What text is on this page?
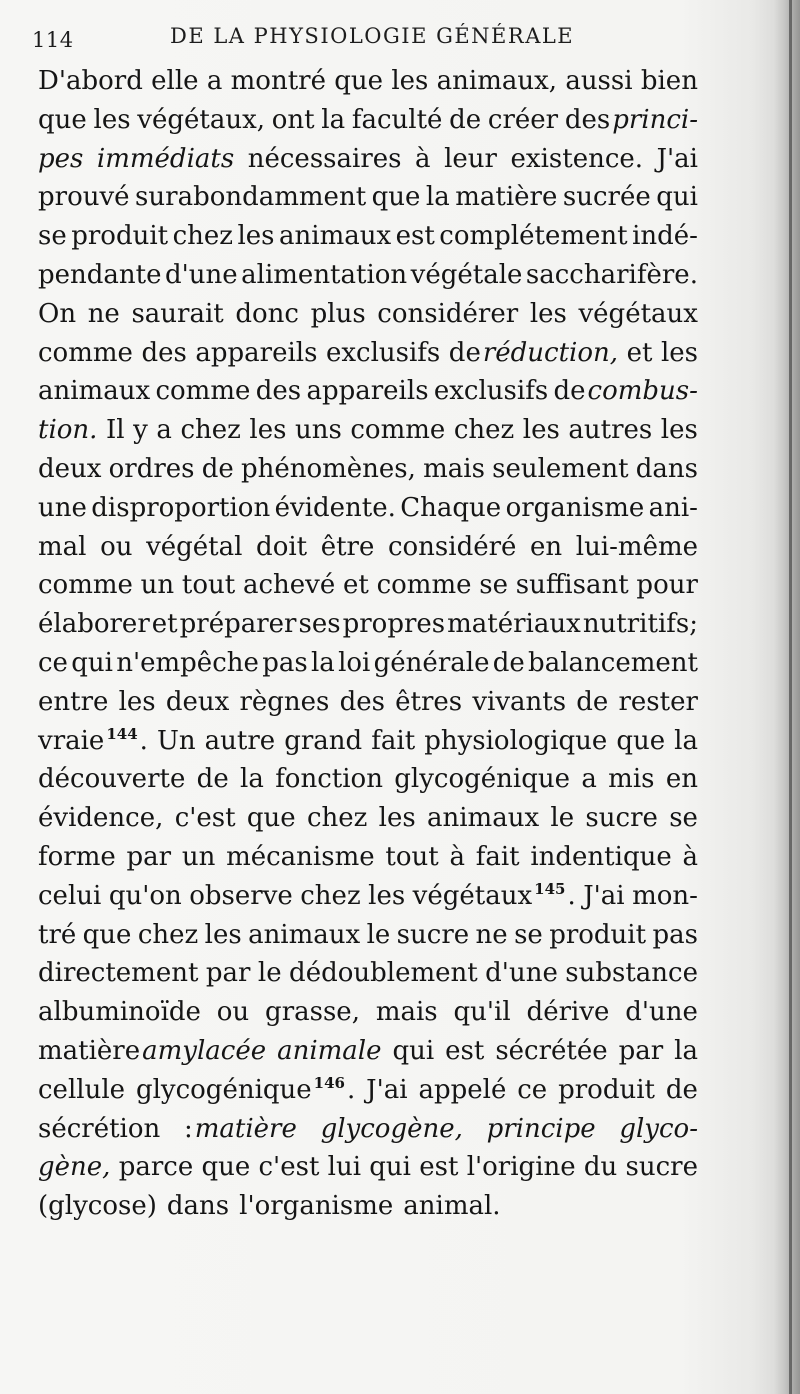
114	DE LA PHYSIOLOGIE GÉNÉRALE
D'abord elle a montré que les animaux, aussi bien
que les végétaux, ont la faculté de créer des princi-
pes immédiats nécessaires à leur existence. J'ai
prouvé surabondamment que la matière sucrée qui
se produit chez les animaux est complétement indé-
pendante d'une alimentation végétale saccharifère.
On ne saurait donc plus considérer les végétaux
comme des appareils exclusifs de réduction, et les
animaux comme des appareils exclusifs de combus-
tion. Il y a chez les uns comme chez les autres les
deux ordres de phénomènes, mais seulement dans
une disproportion évidente. Chaque organisme ani-
mal ou végétal doit être considéré en lui-même
comme un tout achevé et comme se suffisant pour
élaborer et préparer ses propres matériaux nutritifs;
ce qui n'empêche pas la loi générale de balancement
entre les deux règnes des êtres vivants de rester
vraie 144 . Un autre grand fait physiologique que la
découverte de la fonction glycogénique a mis en
évidence, c'est que chez les animaux le sucre se
forme par un mécanisme tout à fait indentique à
celui qu'on observe chez les végétaux 145 . J'ai mon-
tré que chez les animaux le sucre ne se produit pas
directement par le dédoublement d'une substance
albuminoïde ou grasse, mais qu'il dérive d'une
matière amylacée animale qui est sécrétée par la
cellule glycogénique 146 . J'ai appelé ce produit de
sécrétion : matière glycogène, principe glyco-
gène, parce que c'est lui qui est l'origine du sucre
(glycose) dans l'organisme animal.
